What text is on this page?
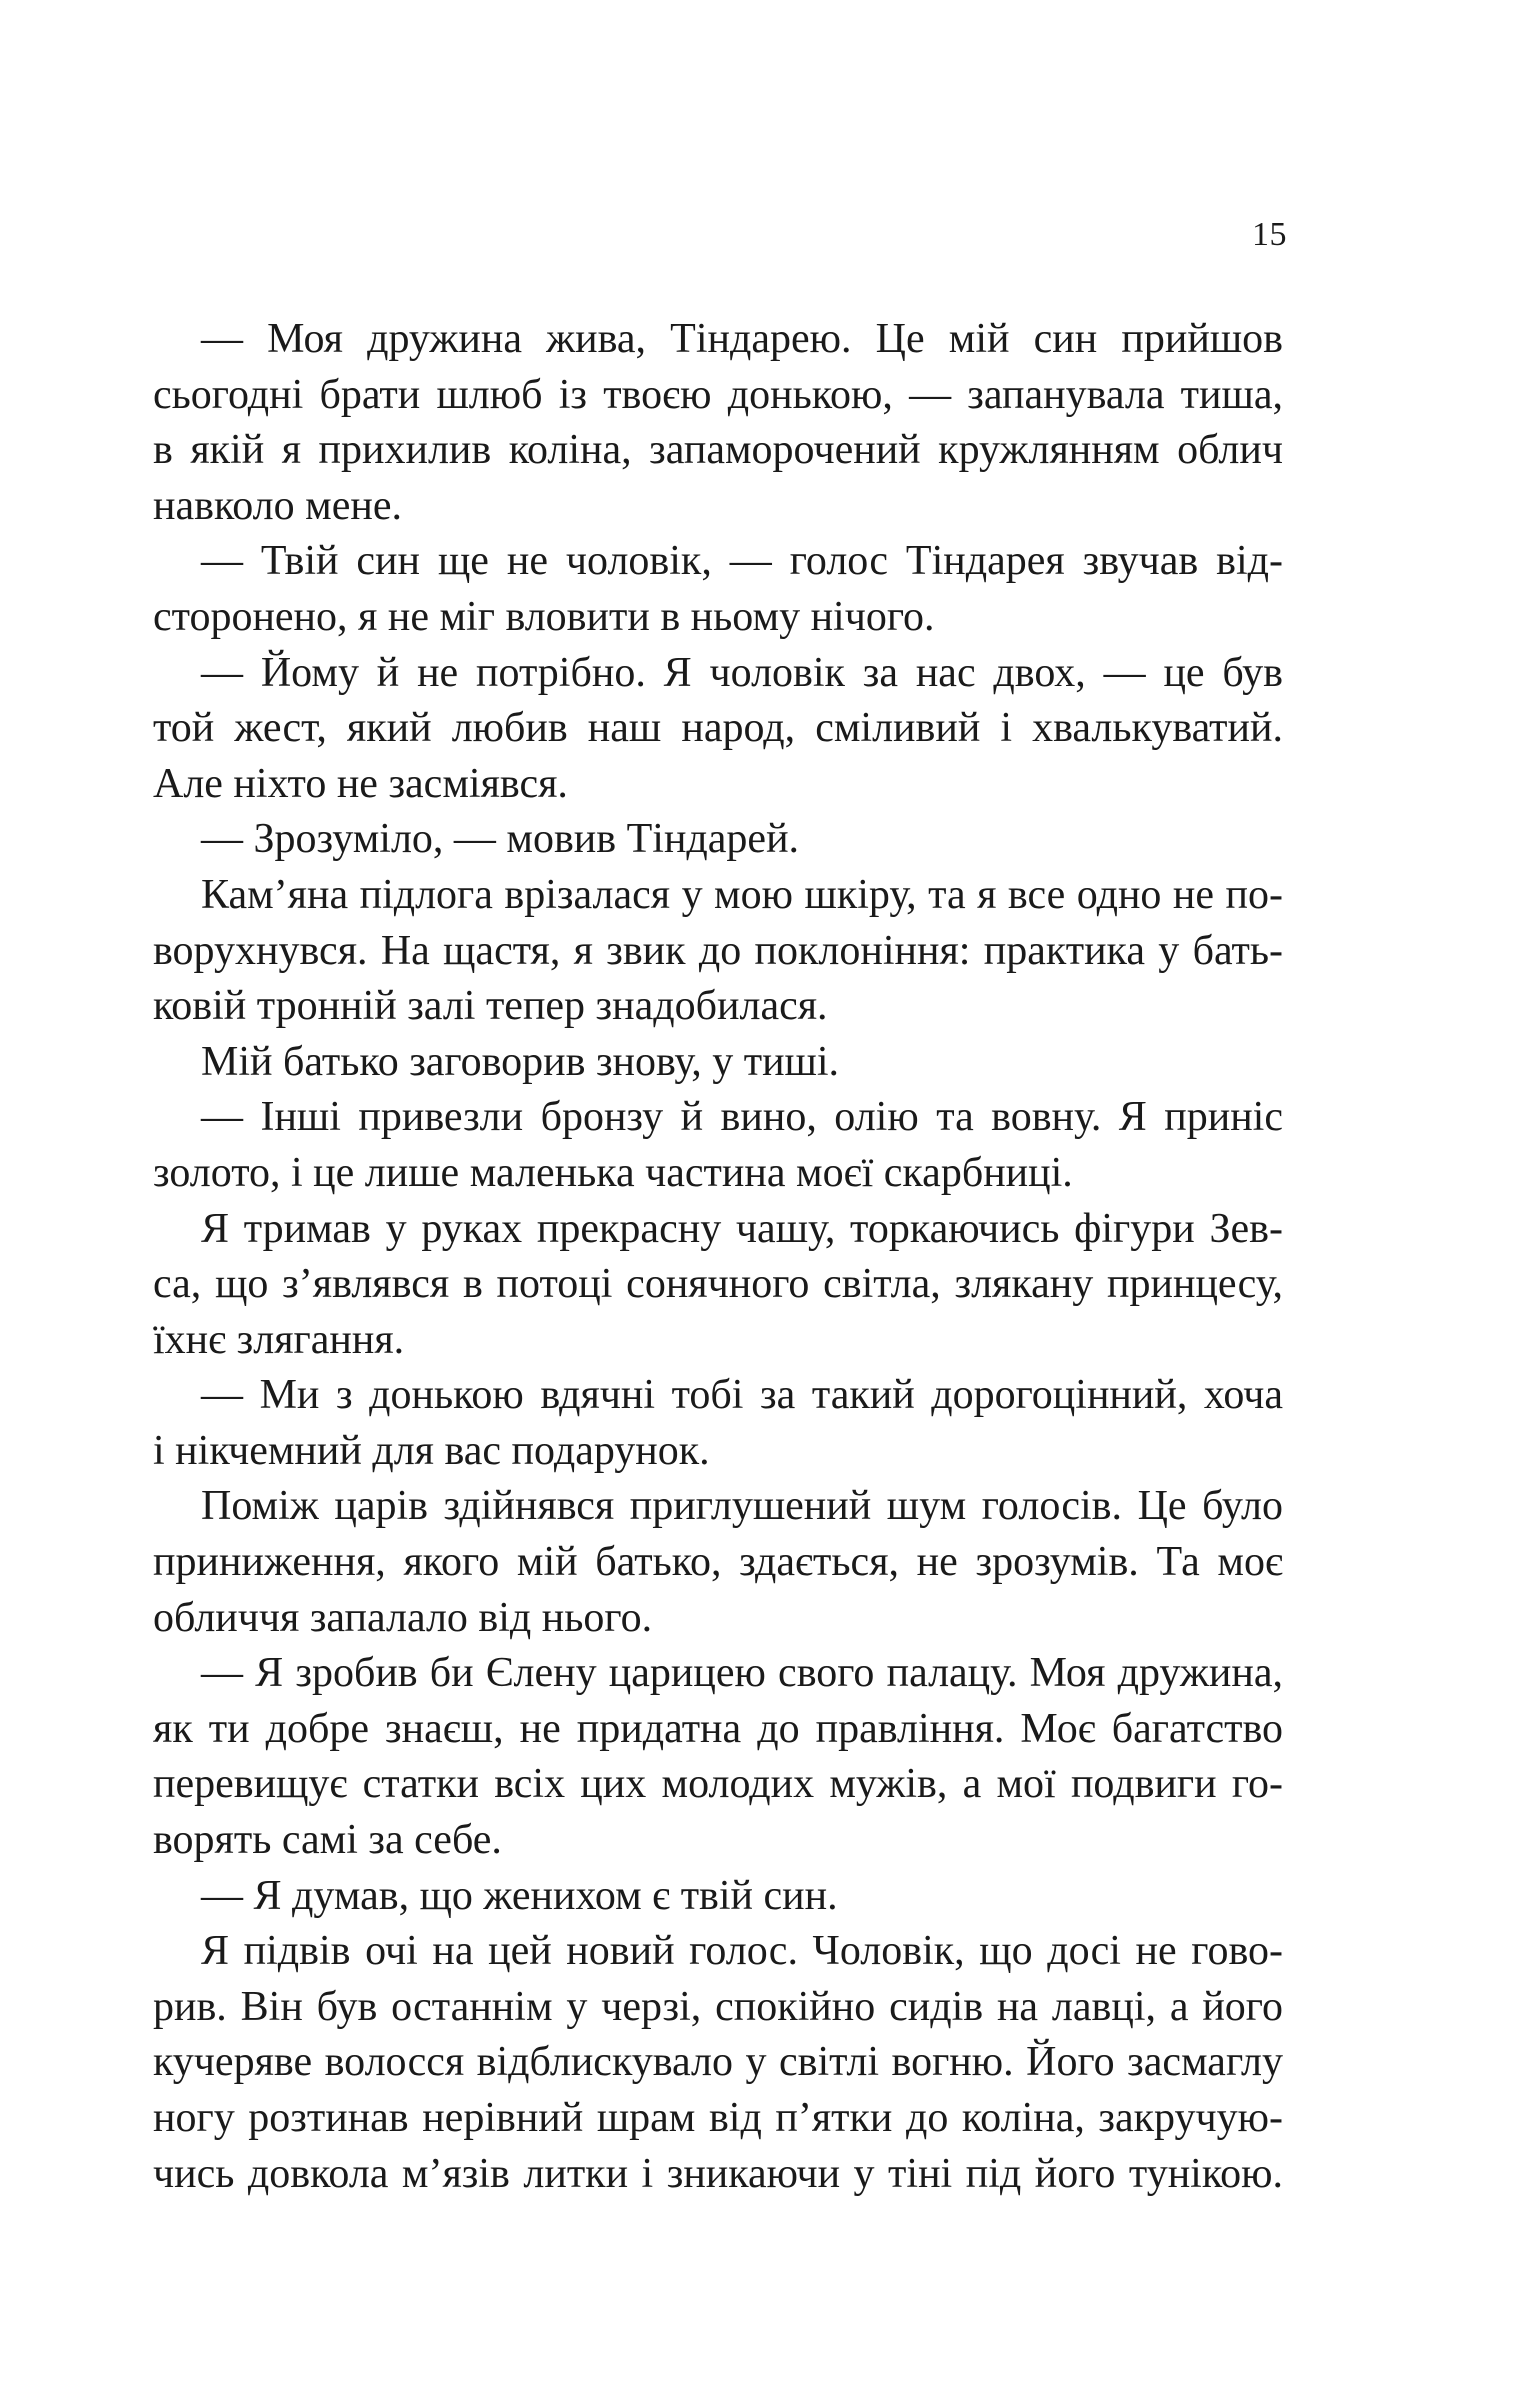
15
— Моя дружина жива, Тіндарею. Це мій син прийшов
сьогодні брати шлюб із твоєю донькою, — запанувала тиша,
в якій я прихилив коліна, запаморочений кружлянням облич
навколо мене.
— Твій син ще не чоловік, — голос Тіндарея звучав від-
сторонено, я не міг вловити в ньому нічого.
— Йому й не потрібно. Я чоловік за нас двох, — це був
той жест, який любив наш народ, сміливий і хвалькуватий.
Але ніхто не засміявся.
— Зрозуміло, — мовив Тіндарей.
Кам’яна підлога врізалася у мою шкіру, та я все одно не по-
ворухнувся. На щастя, я звик до поклоніння: практика у бать-
ковій тронній залі тепер знадобилася.
Мій батько заговорив знову, у тиші.
— Інші привезли бронзу й вино, олію та вовну. Я приніс
золото, і це лише маленька частина моєї скарбниці.
Я тримав у руках прекрасну чашу, торкаючись фігури Зев-
са, що з’являвся в потоці сонячного світла, злякану принцесу,
їхнє злягання.
— Ми з донькою вдячні тобі за такий дорогоцінний, хоча
і нікчемний для вас подарунок.
Поміж царів здійнявся приглушений шум голосів. Це було
приниження, якого мій батько, здається, не зрозумів. Та моє
обличчя запалало від нього.
— Я зробив би Єлену царицею свого палацу. Моя дружина,
як ти добре знаєш, не придатна до правління. Моє багатство
перевищує статки всіх цих молодих мужів, а мої подвиги го-
ворять самі за себе.
— Я думав, що женихом є твій син.
Я підвів очі на цей новий голос. Чоловік, що досі не гово-
рив. Він був останнім у черзі, спокійно сидів на лавці, а його
кучеряве волосся відблискувало у світлі вогню. Його засмаглу
ногу розтинав нерівний шрам від п’ятки до коліна, закручую-
чись довкола м’язів литки і зникаючи у тіні під його тунікою.
